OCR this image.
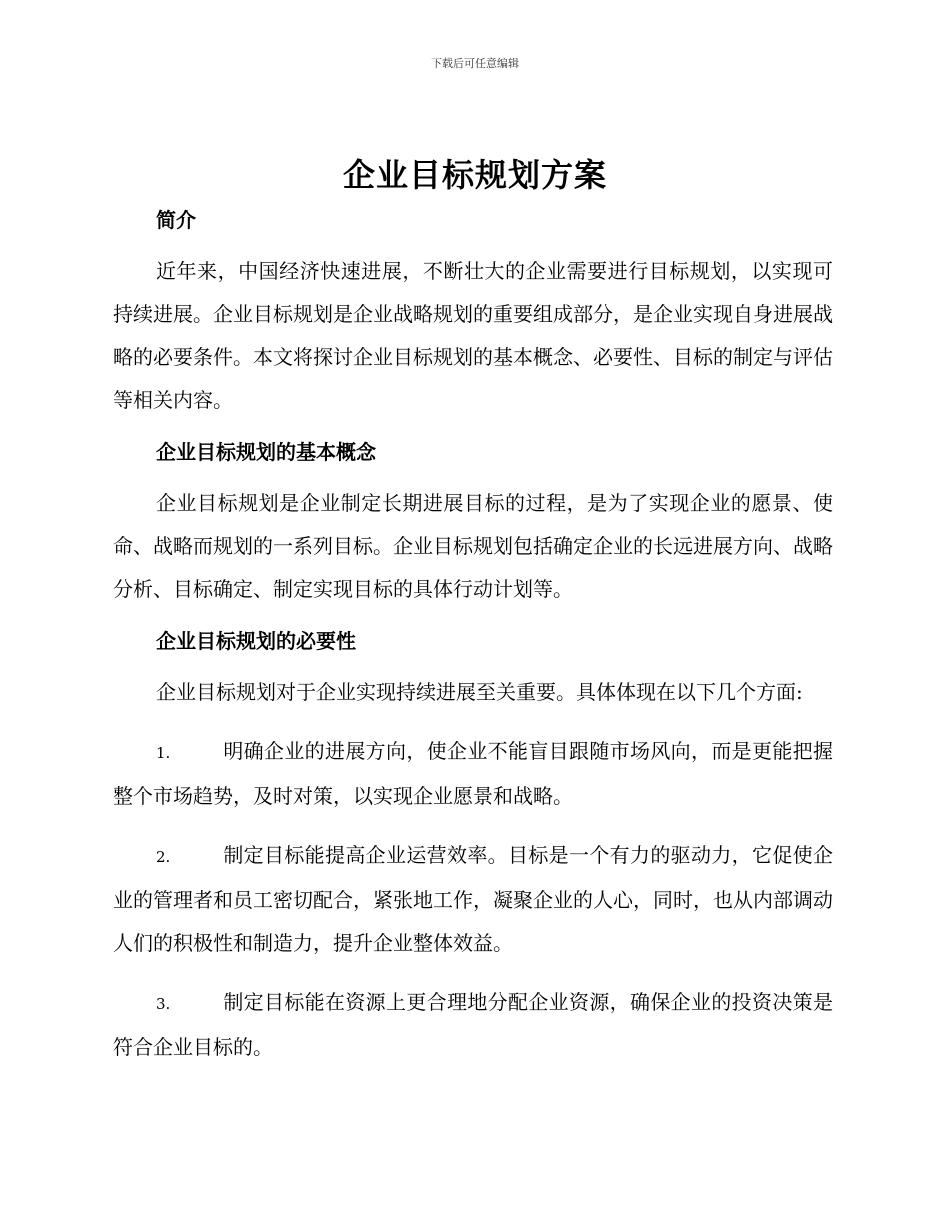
下载后可任意编辑
企业目标规划方案
简介

近年来，中国经济快速进展，不断壮大的企业需要进行目标规划，以实现可持续进展。企业目标规划是企业战略规划的重要组成部分，是企业实现自身进展战略的必要条件。本文将探讨企业目标规划的基本概念、必要性、目标的制定与评估等相关内容。

企业目标规划的基本概念

企业目标规划是企业制定长期进展目标的过程，是为了实现企业的愿景、使命、战略而规划的一系列目标。企业目标规划包括确定企业的长远进展方向、战略分析、目标确定、制定实现目标的具体行动计划等。

企业目标规划的必要性

企业目标规划对于企业实现持续进展至关重要。具体体现在以下几个方面:

1.	明确企业的进展方向，使企业不能盲目跟随市场风向，而是更能把握整个市场趋势，及时对策，以实现企业愿景和战略。

2.	制定目标能提高企业运营效率。目标是一个有力的驱动力，它促使企业的管理者和员工密切配合，紧张地工作，凝聚企业的人心，同时，也从内部调动人们的积极性和制造力，提升企业整体效益。

3.	制定目标能在资源上更合理地分配企业资源，确保企业的投资决策是符合企业目标的。
